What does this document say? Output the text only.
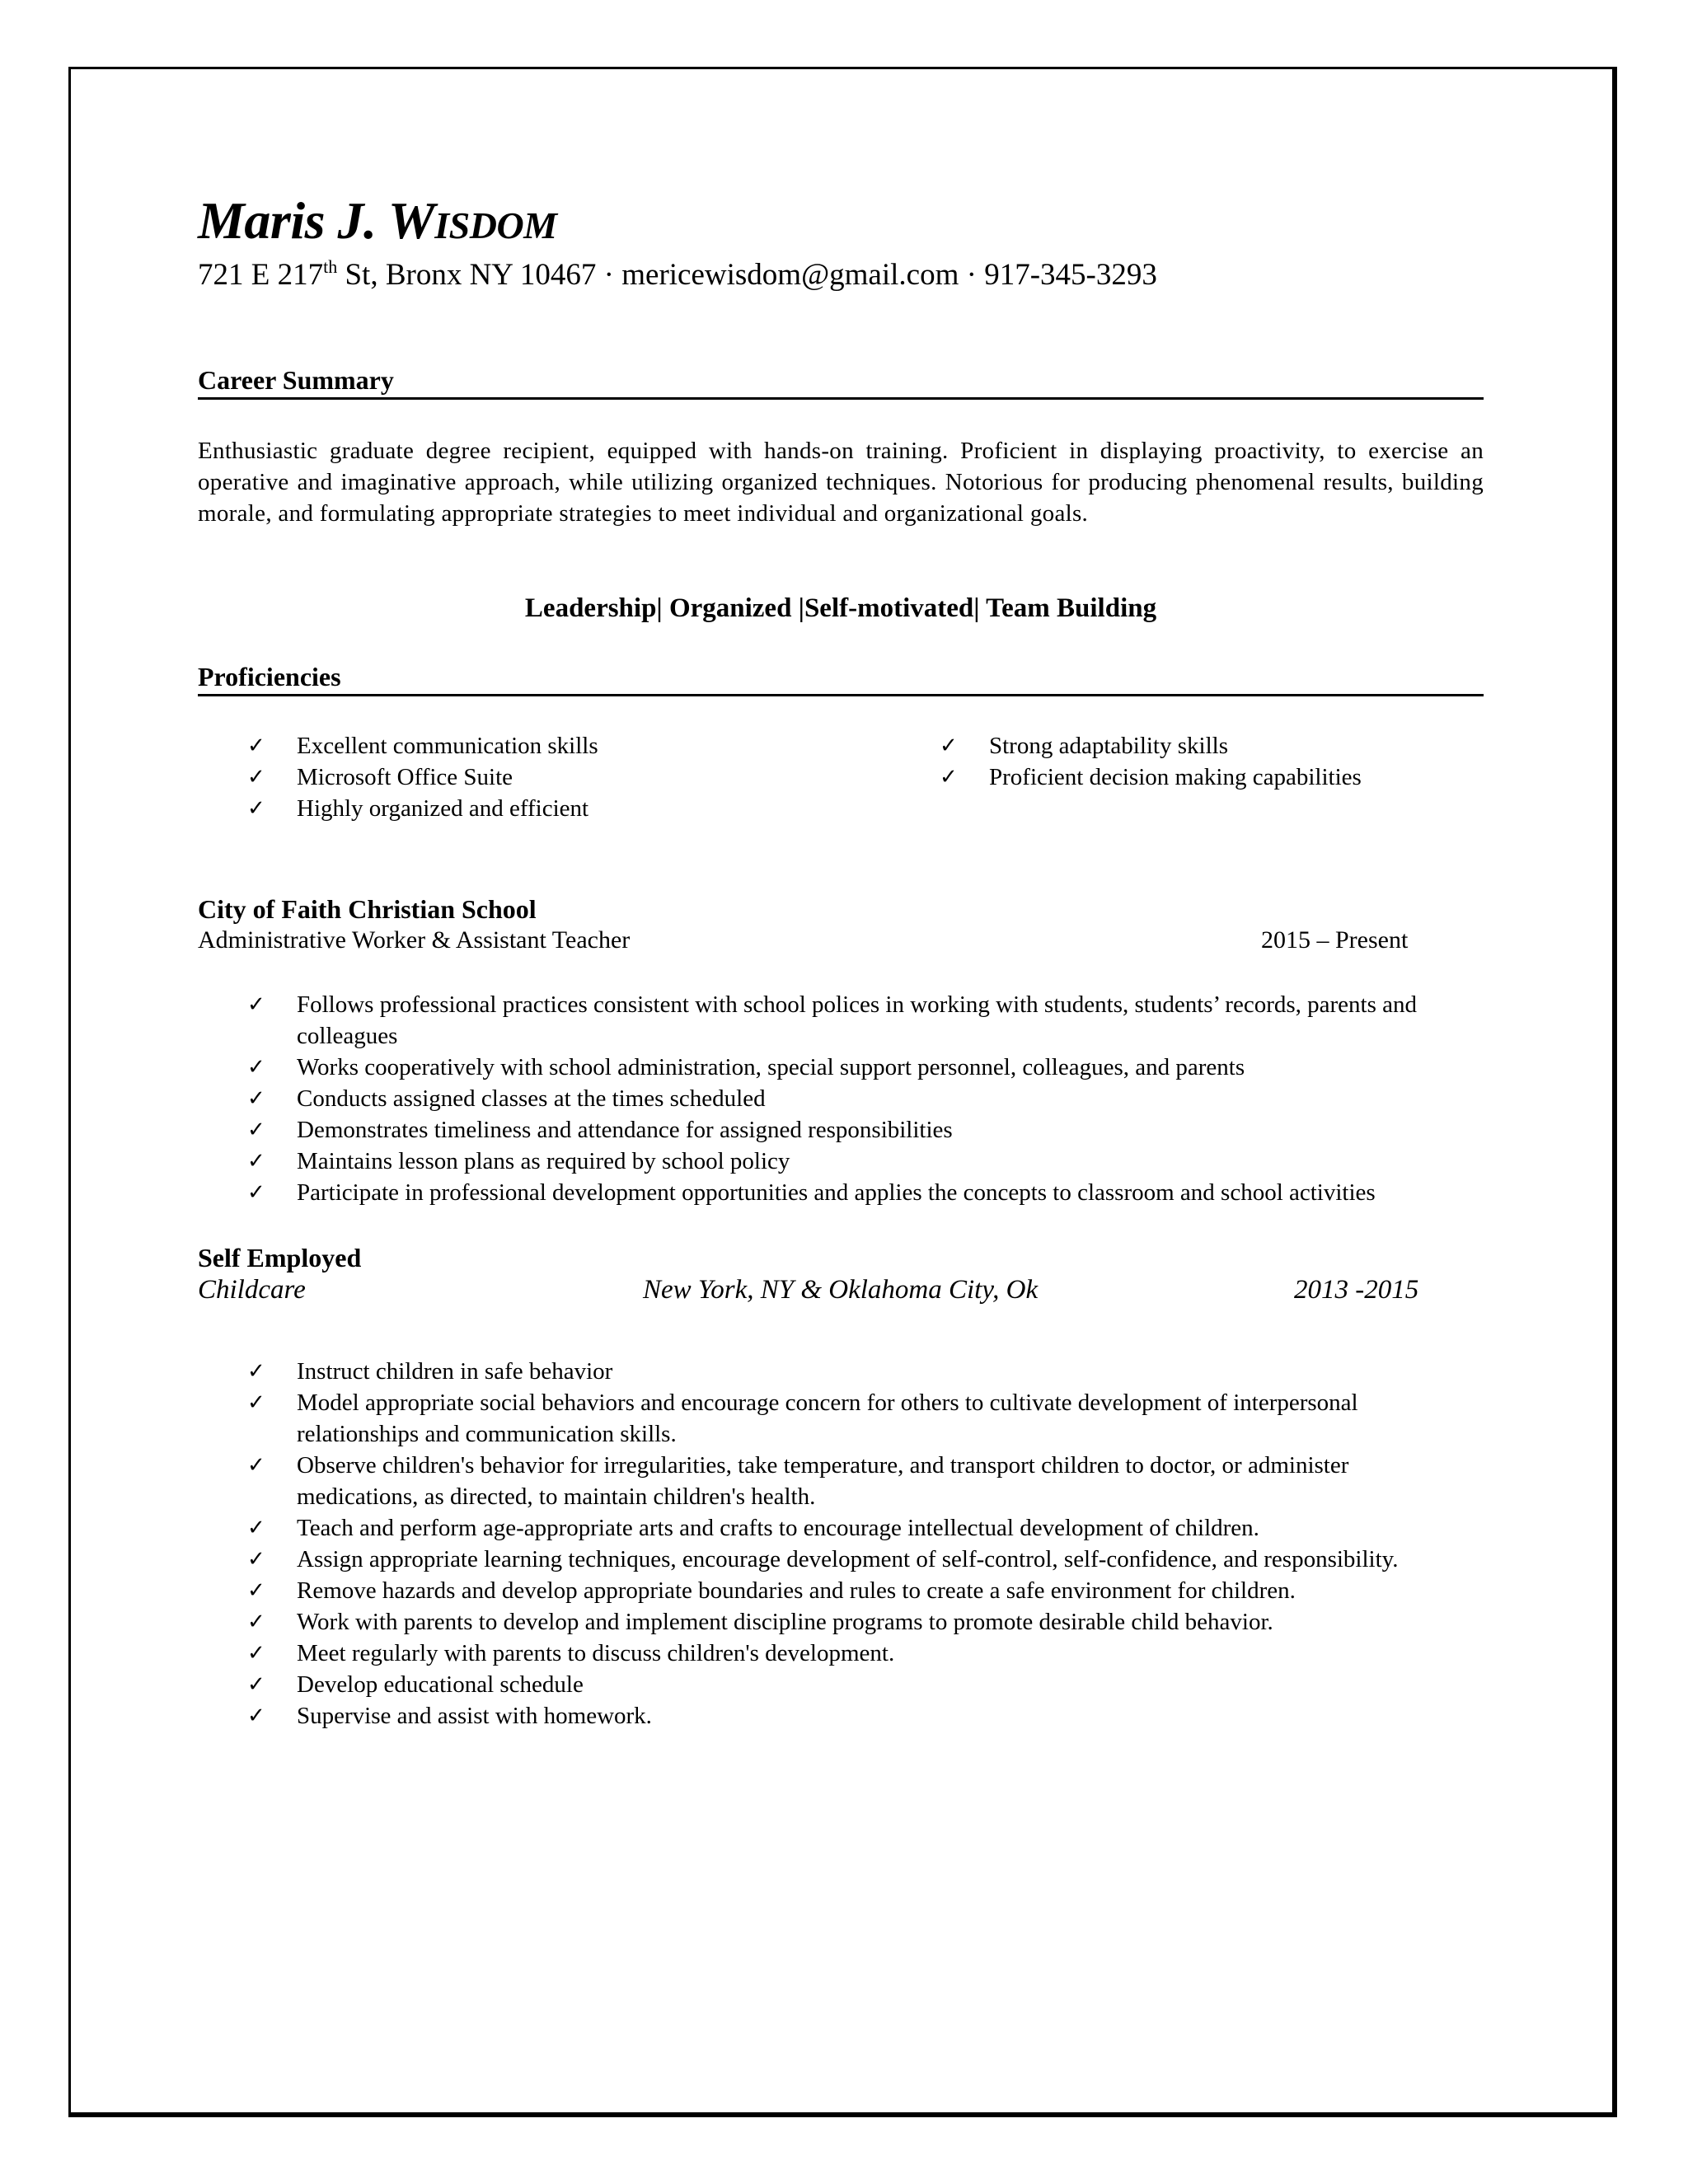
Maris J. WISDOM
721 E 217th St, Bronx NY 10467 · mericewisdom@gmail.com · 917-345-3293
Career Summary
Enthusiastic graduate degree recipient, equipped with hands-on training. Proficient in displaying proactivity, to exercise an operative and imaginative approach, while utilizing organized techniques. Notorious for producing phenomenal results, building morale, and formulating appropriate strategies to meet individual and organizational goals.
Leadership| Organized |Self-motivated| Team Building
Proficiencies
✓ Excellent communication skills
✓ Microsoft Office Suite
✓ Highly organized and efficient
✓ Strong adaptability skills
✓ Proficient decision making capabilities
City of Faith Christian School
Administrative Worker & Assistant Teacher	2015 – Present
✓ Follows professional practices consistent with school polices in working with students, students’ records, parents and colleagues
✓ Works cooperatively with school administration, special support personnel, colleagues, and parents
✓ Conducts assigned classes at the times scheduled
✓ Demonstrates timeliness and attendance for assigned responsibilities
✓ Maintains lesson plans as required by school policy
✓ Participate in professional development opportunities and applies the concepts to classroom and school activities
Self Employed
Childcare	New York, NY & Oklahoma City, Ok	2013 -2015
✓ Instruct children in safe behavior
✓ Model appropriate social behaviors and encourage concern for others to cultivate development of interpersonal relationships and communication skills.
✓ Observe children's behavior for irregularities, take temperature, and transport children to doctor, or administer medications, as directed, to maintain children's health.
✓ Teach and perform age-appropriate arts and crafts to encourage intellectual development of children.
✓ Assign appropriate learning techniques, encourage development of self-control, self-confidence, and responsibility.
✓ Remove hazards and develop appropriate boundaries and rules to create a safe environment for children.
✓ Work with parents to develop and implement discipline programs to promote desirable child behavior.
✓ Meet regularly with parents to discuss children's development.
✓ Develop educational schedule
✓ Supervise and assist with homework.
